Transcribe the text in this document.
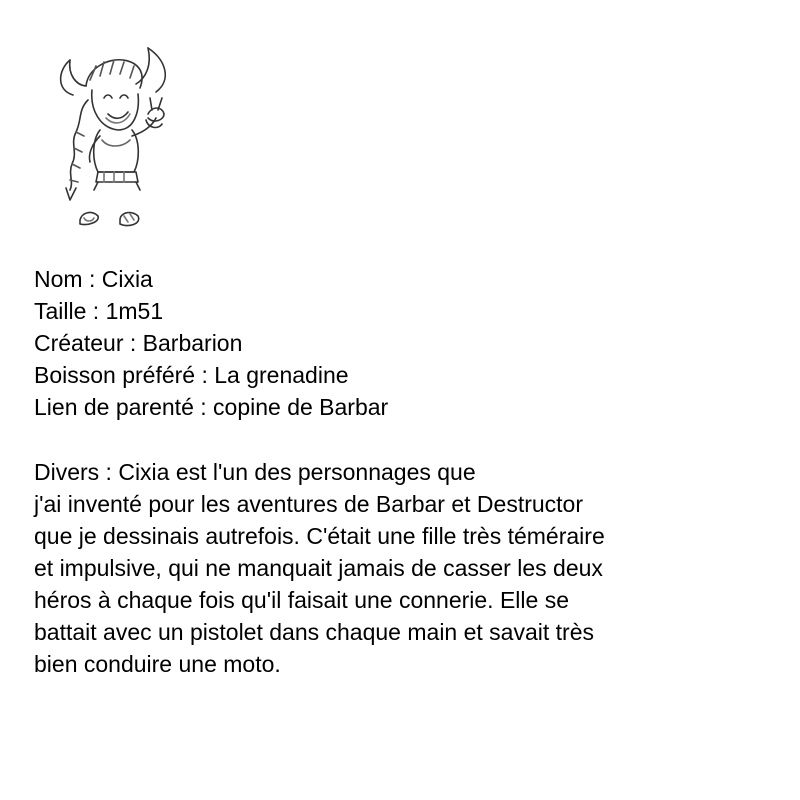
Nom : Cixia
Taille : 1m51
Créateur : Barbarion
Boisson préféré : La grenadine
Lien de parenté : copine de Barbar
Divers : Cixia est l'un des personnages que
j'ai inventé pour les aventures de Barbar et Destructor
que je dessinais autrefois. C'était une fille très téméraire
et impulsive, qui ne manquait jamais de casser les deux
héros à chaque fois qu'il faisait une connerie. Elle se
battait avec un pistolet dans chaque main et savait très
bien conduire une moto.
